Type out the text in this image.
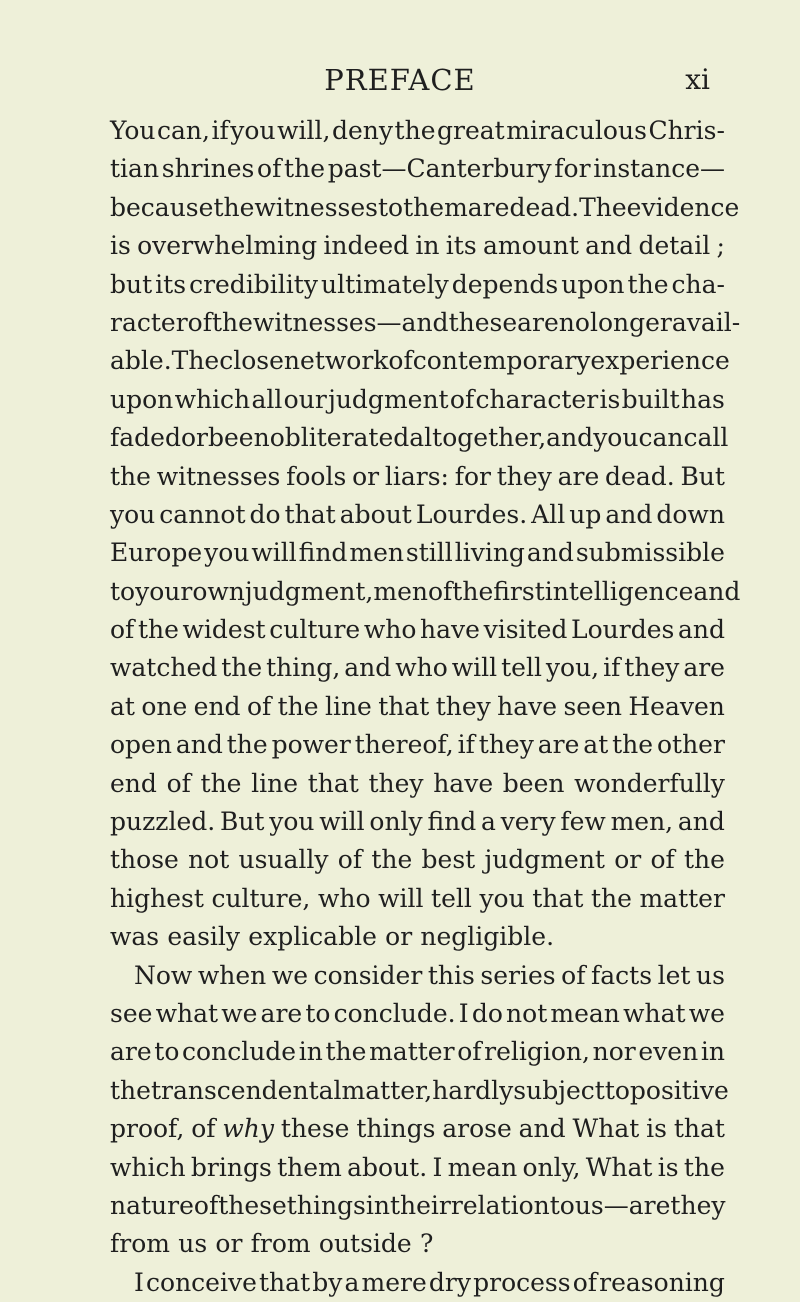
PREFACE	xi
You can, if you will, deny the great miraculous Chris-
tian shrines of the past—Canterbury for instance—
because the witnesses to them are dead. The evidence
is overwhelming indeed in its amount and detail ;
but its credibility ultimately depends upon the cha-
racter of the witnesses—and these are no longer avail-
able. The close network of contemporary experience
upon which all our judgment of character is built has
faded or been obliterated altogether, and you can call
the witnesses fools or liars: for they are dead. But
you cannot do that about Lourdes. All up and down
Europe you will find men still living and submissible
to your own judgment, men of the first intelligence and
of the widest culture who have visited Lourdes and
watched the thing, and who will tell you, if they are
at one end of the line that they have seen Heaven
open and the power thereof, if they are at the other
end of the line that they have been wonderfully
puzzled. But you will only find a very few men, and
those not usually of the best judgment or of the
highest culture, who will tell you that the matter
was easily explicable or negligible.
Now when we consider this series of facts let us
see what we are to conclude. I do not mean what we
are to conclude in the matter of religion, nor even in
the transcendental matter, hardly subject to positive
proof, of why these things arose and What is that
which brings them about. I mean only, What is the
nature of these things in their relation to us—are they
from us or from outside ?
I conceive that by a mere dry process of reasoning
